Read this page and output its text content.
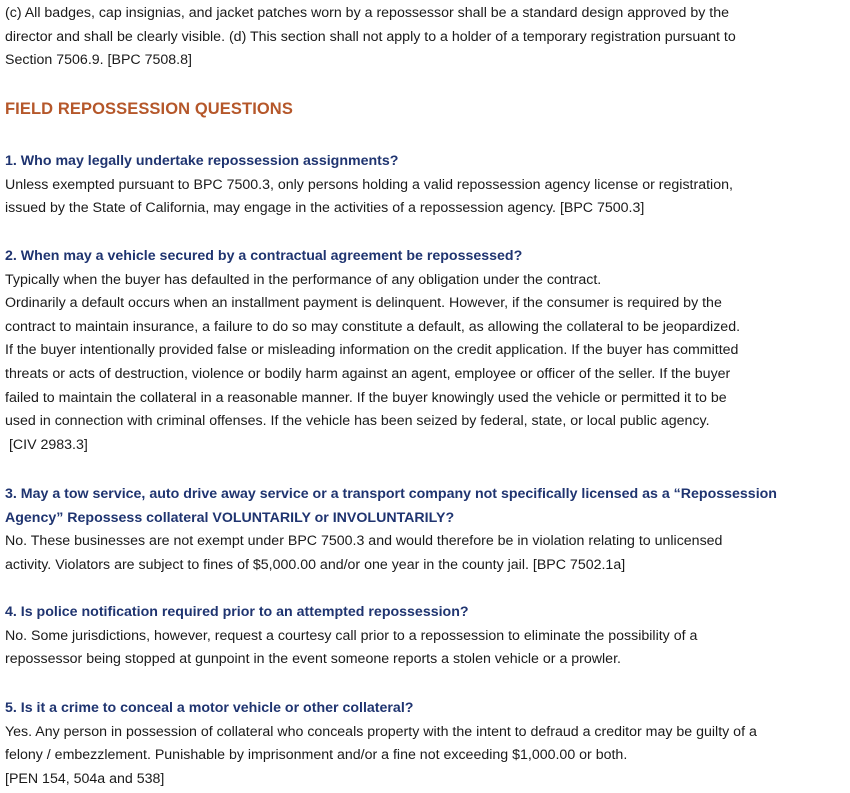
(c) All badges, cap insignias, and jacket patches worn by a repossessor shall be a standard design approved by the
director and shall be clearly visible. (d) This section shall not apply to a holder of a temporary registration pursuant to
Section 7506.9. [BPC 7508.8]
FIELD REPOSSESSION QUESTIONS
1. Who may legally undertake repossession assignments?
Unless exempted pursuant to BPC 7500.3, only persons holding a valid repossession agency license or registration,
issued by the State of California, may engage in the activities of a repossession agency. [BPC 7500.3]
2. When may a vehicle secured by a contractual agreement be repossessed?
Typically when the buyer has defaulted in the performance of any obligation under the contract.
Ordinarily a default occurs when an installment payment is delinquent. However, if the consumer is required by the
contract to maintain insurance, a failure to do so may constitute a default, as allowing the collateral to be jeopardized.
If the buyer intentionally provided false or misleading information on the credit application. If the buyer has committed
threats or acts of destruction, violence or bodily harm against an agent, employee or officer of the seller. If the buyer
failed to maintain the collateral in a reasonable manner. If the buyer knowingly used the vehicle or permitted it to be
used in connection with criminal offenses. If the vehicle has been seized by federal, state, or local public agency.
[CIV 2983.3]
3. May a tow service, auto drive away service or a transport company not specifically licensed as a “Repossession
Agency” Repossess collateral VOLUNTARILY or INVOLUNTARILY?
No. These businesses are not exempt under BPC 7500.3 and would therefore be in violation relating to unlicensed
activity. Violators are subject to fines of $5,000.00 and/or one year in the county jail. [BPC 7502.1a]
4. Is police notification required prior to an attempted repossession?
No. Some jurisdictions, however, request a courtesy call prior to a repossession to eliminate the possibility of a
repossessor being stopped at gunpoint in the event someone reports a stolen vehicle or a prowler.
5. Is it a crime to conceal a motor vehicle or other collateral?
Yes. Any person in possession of collateral who conceals property with the intent to defraud a creditor may be guilty of a
felony / embezzlement. Punishable by imprisonment and/or a fine not exceeding $1,000.00 or both.
[PEN 154, 504a and 538]
